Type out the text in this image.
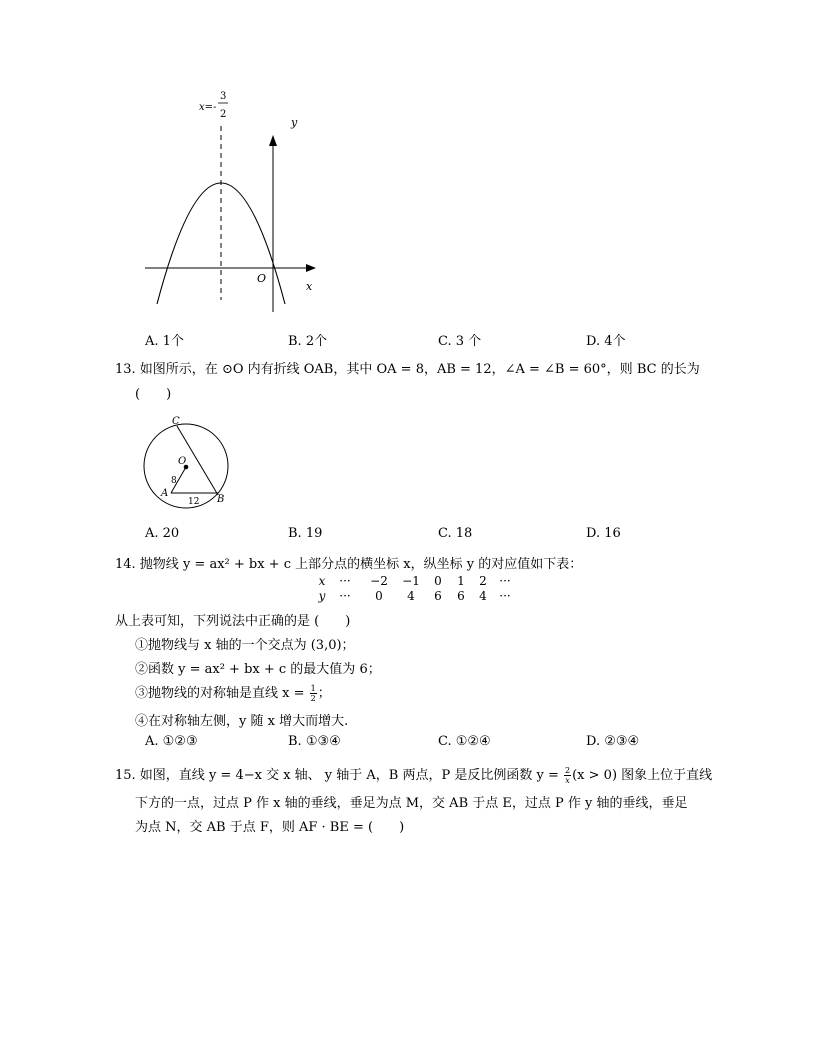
x=-
3
2
y
x
O
A. 1个	B. 2个	C. 3 个	D. 4个
13. 如图所示，在 ⊙O 内有折线 OAB，其中 OA = 8，AB = 12，∠A = ∠B = 60°，则 BC 的长为
(　　)
C
O
A
B
8
12
A. 20	B. 19	C. 18	D. 16
14. 抛物线 y = ax² + bx + c 上部分点的横坐标 x，纵坐标 y 的对应值如下表：
x	···	−2	−1	0	1	2	···
y	···	0	4	6	6	4	···
从上表可知，下列说法中正确的是 (　　)
①抛物线与 x 轴的一个交点为 (3,0)；
②函数 y = ax² + bx + c 的最大值为 6；
③抛物线的对称轴是直线 $x = \frac{1}{2}$ ；
④在对称轴左侧，y 随 x 增大而增大.
A. ①②③	B. ①③④	C. ①②④	D. ②③④
15. 如图，直线 y = 4−x 交 x 轴、 y 轴于 A，B 两点，P 是反比例函数 $y = \frac{2}{x} (x > 0)$ 图象上位于直线
下方的一点，过点 P 作 x 轴的垂线，垂足为点 M，交 AB 于点 E，过点 P 作 y 轴的垂线，垂足
为点 N，交 AB 于点 F，则 AF · BE = (　　)
